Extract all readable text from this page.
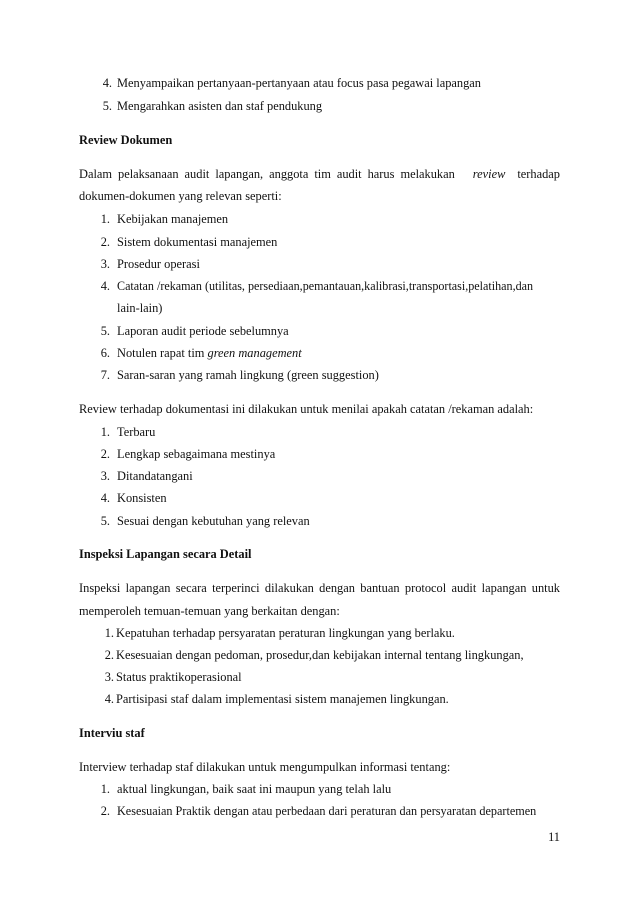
4. Menyampaikan pertanyaan-pertanyaan atau focus pasa pegawai lapangan
5. Mengarahkan asisten dan staf pendukung
Review Dokumen
Dalam pelaksanaan audit lapangan, anggota tim audit harus melakukan review terhadap
dokumen-dokumen yang relevan seperti:
1. Kebijakan manajemen
2. Sistem dokumentasi manajemen
3. Prosedur operasi
4. Catatan /rekaman (utilitas, persediaan,pemantauan,kalibrasi,transportasi,pelatihan,dan
lain-lain)
5. Laporan audit periode sebelumnya
6. Notulen rapat tim green management
7. Saran-saran yang ramah lingkung (green suggestion)
Review terhadap dokumentasi ini dilakukan untuk menilai apakah catatan /rekaman adalah:
1. Terbaru
2. Lengkap sebagaimana mestinya
3. Ditandatangani
4. Konsisten
5. Sesuai dengan kebutuhan yang relevan
Inspeksi Lapangan secara Detail
Inspeksi lapangan secara terperinci dilakukan dengan bantuan protocol audit lapangan untuk
memperoleh temuan-temuan yang berkaitan dengan:
1. Kepatuhan terhadap persyaratan peraturan lingkungan yang berlaku.
2. Kesesuaian dengan pedoman, prosedur,dan kebijakan internal tentang lingkungan,
3. Status praktikoperasional
4. Partisipasi staf dalam implementasi sistem manajemen lingkungan.
Interviu staf
Interview terhadap staf dilakukan untuk mengumpulkan informasi tentang:
1. aktual lingkungan, baik saat ini maupun yang telah lalu
2. Kesesuaian Praktik dengan atau perbedaan dari peraturan dan persyaratan departemen
11
